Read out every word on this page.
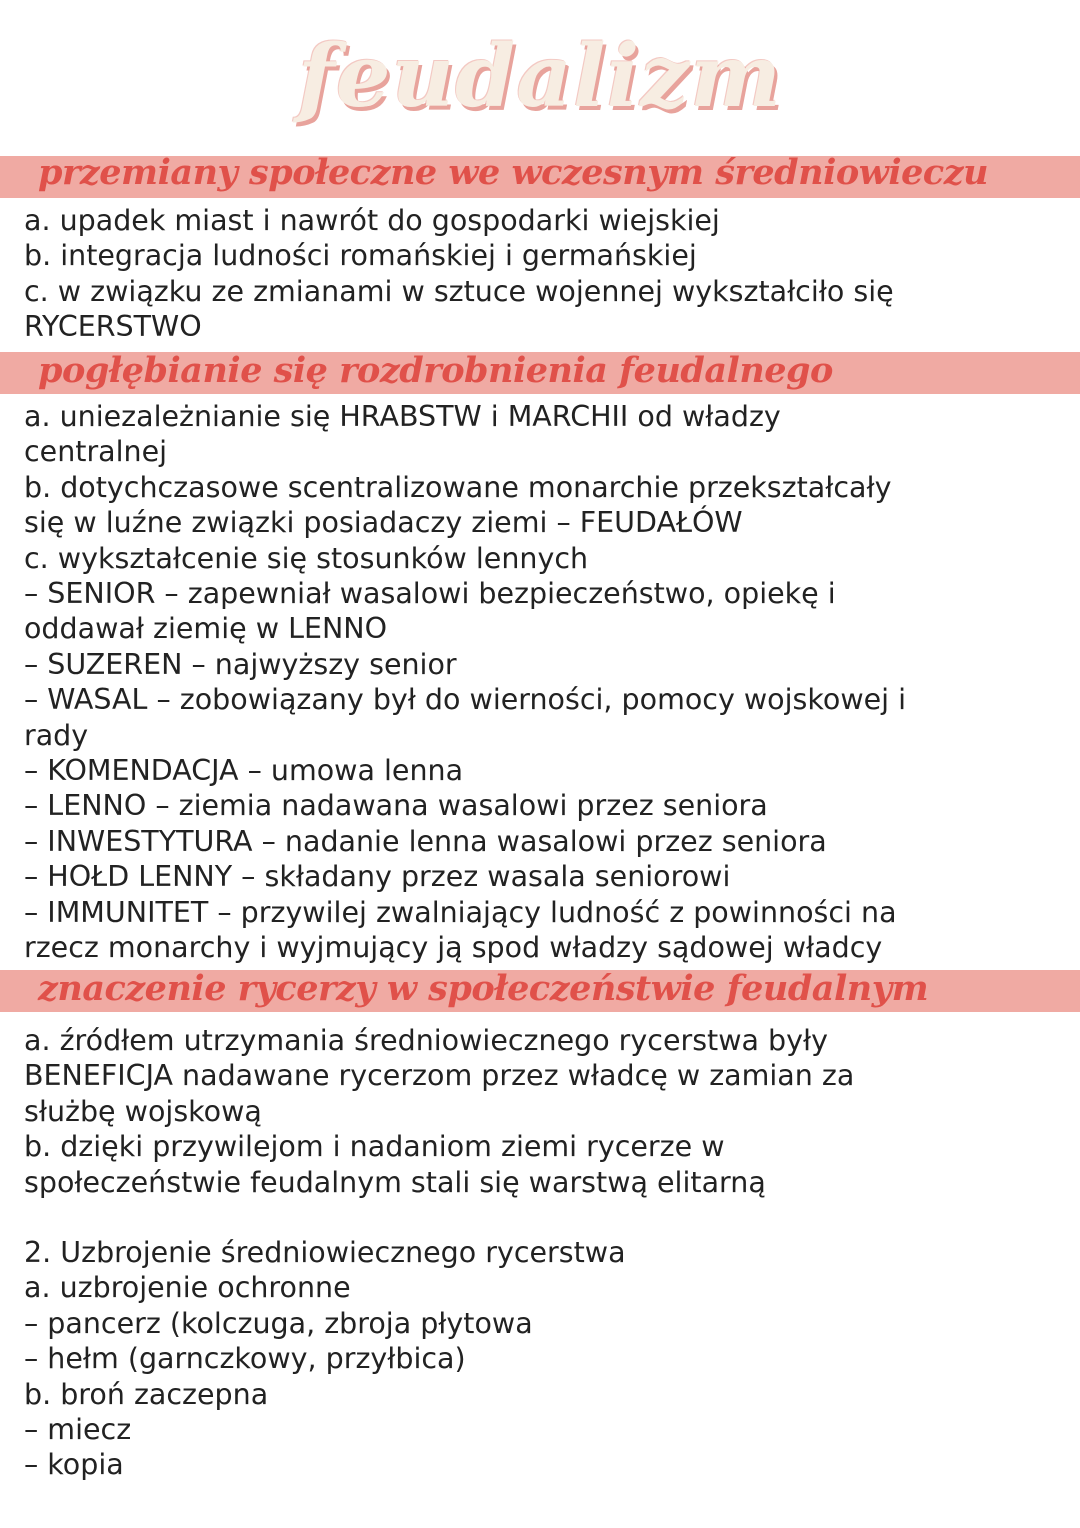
feudalizm
przemiany społeczne we wczesnym średniowieczu
a. upadek miast i nawrót do gospodarki wiejskiej
b. integracja ludności romańskiej i germańskiej
c. w związku ze zmianami w sztuce wojennej wykształciło się
RYCERSTWO
pogłębianie się rozdrobnienia feudalnego
a. uniezależnianie się HRABSTW i MARCHII od władzy
centralnej
b. dotychczasowe scentralizowane monarchie przekształcały
się w luźne związki posiadaczy ziemi – FEUDAŁÓW
c. wykształcenie się stosunków lennych
– SENIOR – zapewniał wasalowi bezpieczeństwo, opiekę i
oddawał ziemię w LENNO
– SUZEREN – najwyższy senior
– WASAL – zobowiązany był do wierności, pomocy wojskowej i
rady
– KOMENDACJA – umowa lenna
– LENNO – ziemia nadawana wasalowi przez seniora
– INWESTYTURA – nadanie lenna wasalowi przez seniora
– HOŁD LENNY – składany przez wasala seniorowi
– IMMUNITET – przywilej zwalniający ludność z powinności na
rzecz monarchy i wyjmujący ją spod władzy sądowej władcy
znaczenie rycerzy w społeczeństwie feudalnym
a. źródłem utrzymania średniowiecznego rycerstwa były
BENEFICJA nadawane rycerzom przez władcę w zamian za
służbę wojskową
b. dzięki przywilejom i nadaniom ziemi rycerze w
społeczeństwie feudalnym stali się warstwą elitarną
2. Uzbrojenie średniowiecznego rycerstwa
a. uzbrojenie ochronne
– pancerz (kolczuga, zbroja płytowa
– hełm (garnczkowy, przyłbica)
b. broń zaczepna
– miecz
– kopia
